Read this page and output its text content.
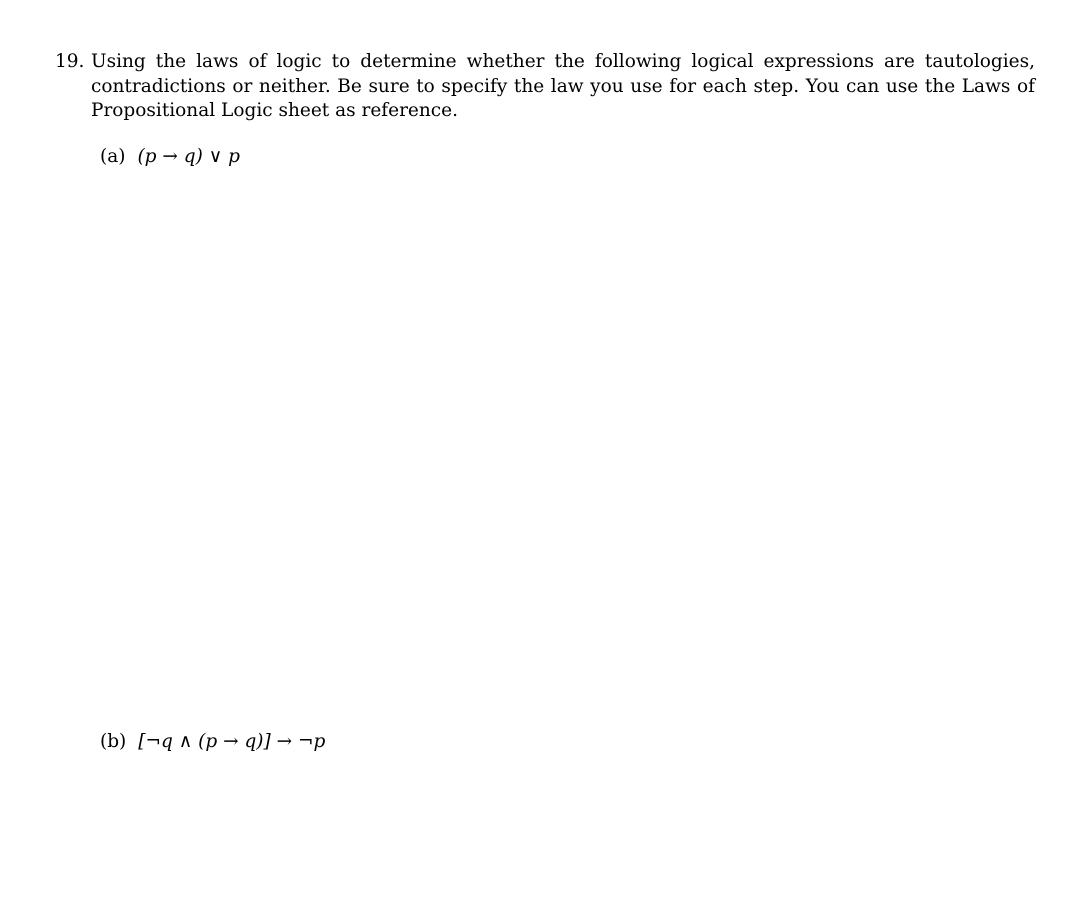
19. Using the laws of logic to determine whether the following logical expressions are tautologies, contradictions or neither. Be sure to specify the law you use for each step. You can use the Laws of Propositional Logic sheet as reference.
(a) (p → q) ∨ p
(b) [¬q ∧ (p → q)] → ¬p
